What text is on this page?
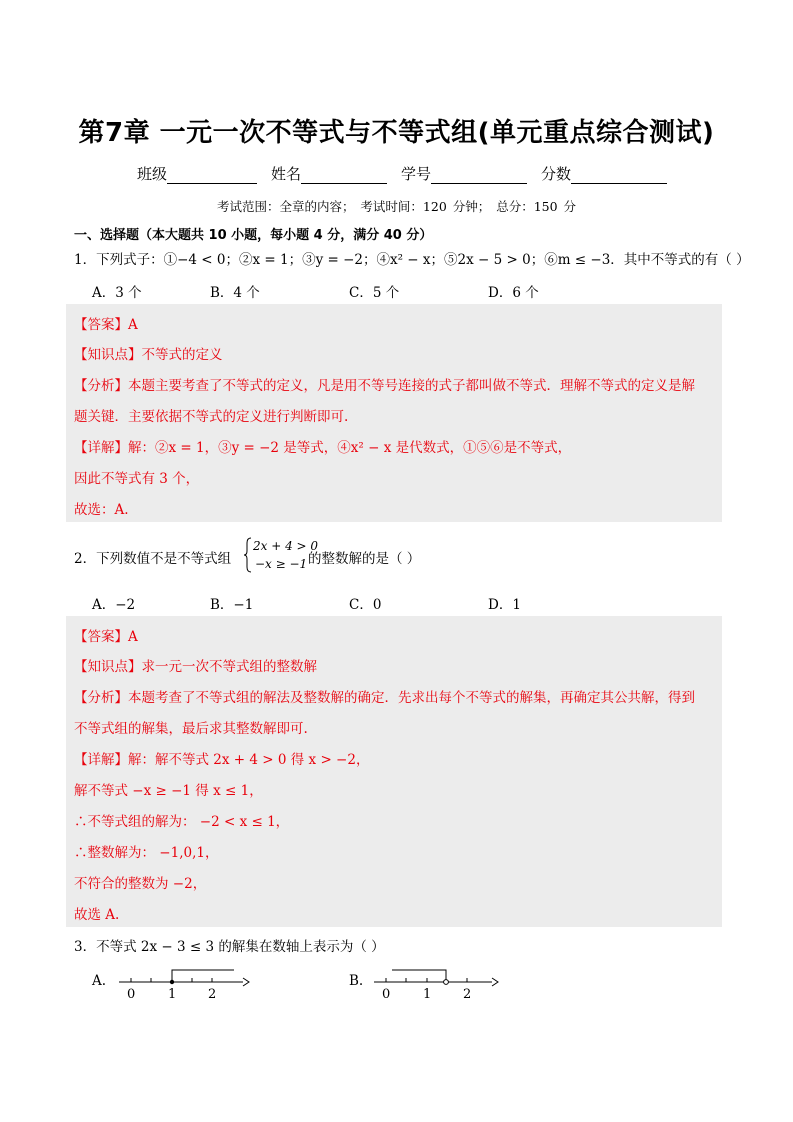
第7章 一元一次不等式与不等式组(单元重点综合测试)
班级	姓名	学号	分数
考试范围：全章的内容； 考试时间：120 分钟； 总分：150 分
一、选择题（本大题共 10 小题，每小题 4 分，满分 40 分）
1．下列式子：①−4 < 0；②x = 1；③y = −2；④x² − x；⑤2x − 5 > 0；⑥m ≤ −3．其中不等式的有（ ）
A．3 个	B．4 个	C．5 个	D．6 个
【答案】A
【知识点】不等式的定义
【分析】本题主要考查了不等式的定义，凡是用不等号连接的式子都叫做不等式．理解不等式的定义是解
题关键．主要依据不等式的定义进行判断即可.
【详解】解：②x = 1，③y = −2 是等式，④x² − x 是代数式，①⑤⑥是不等式，
因此不等式有 3 个，
故选：A.
2．下列数值不是不等式组
2x + 4 > 0
−x ≥ −1 的整数解的是（ ）
A．−2	B．−1	C．0	D．1
【答案】A
【知识点】求一元一次不等式组的整数解
【分析】本题考查了不等式组的解法及整数解的确定．先求出每个不等式的解集，再确定其公共解，得到
不等式组的解集，最后求其整数解即可.
【详解】解：解不等式 2x + 4 > 0 得 x > −2，
解不等式 −x ≥ −1 得 x ≤ 1，
∴不等式组的解为： −2 < x ≤ 1，
∴整数解为： −1,0,1，
不符合的整数为 −2，
故选 A.
3．不等式 2x − 3 ≤ 3 的解集在数轴上表示为（ ）
A.	B.
0	1 2	0	1 2
